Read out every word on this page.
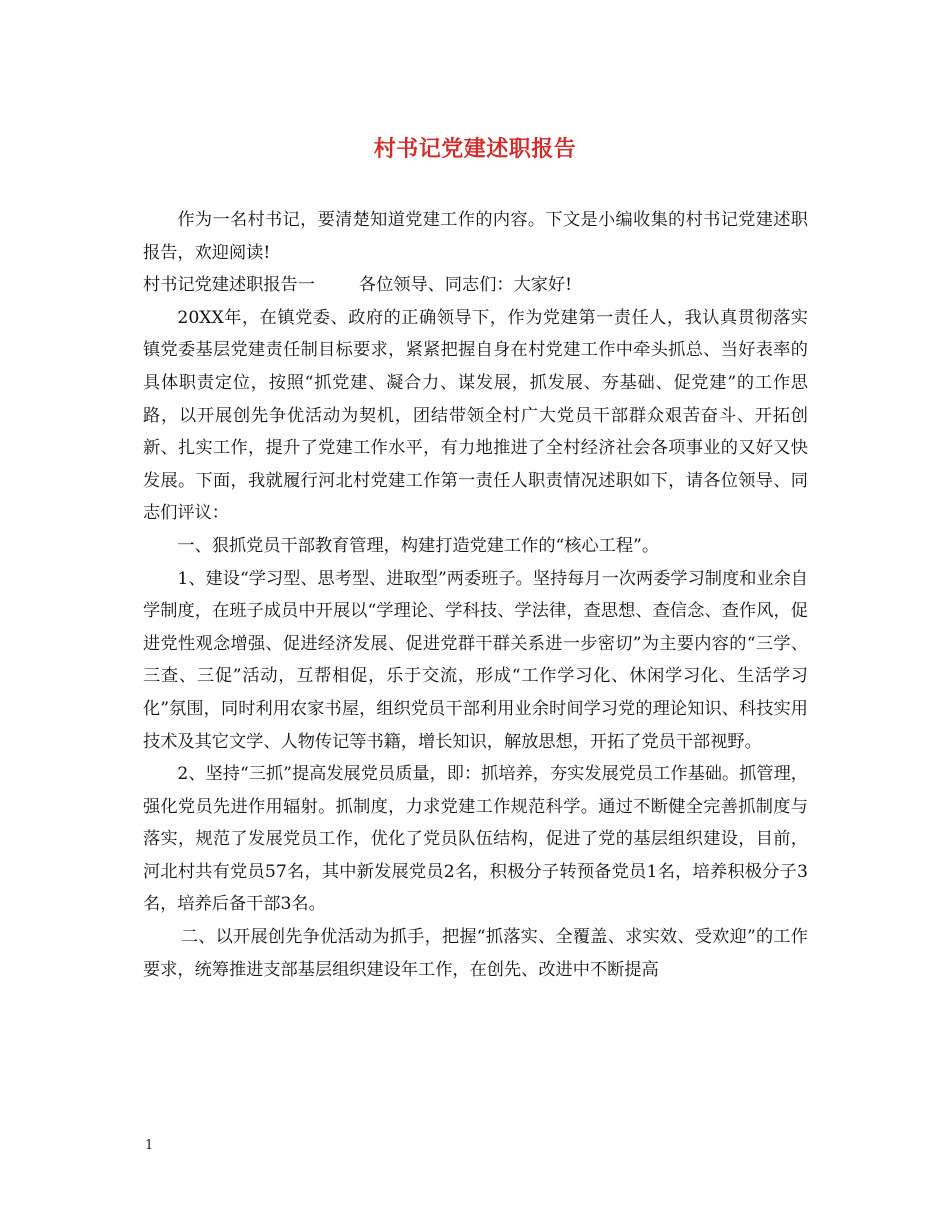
村书记党建述职报告

作为一名村书记，要清楚知道党建工作的内容。下文是小编收集的村书记党建述职报告，欢迎阅读!

村书记党建述职报告一	各位领导、同志们：大家好!

20XX年，在镇党委、政府的正确领导下，作为党建第一责任人，我认真贯彻落实镇党委基层党建责任制目标要求，紧紧把握自身在村党建工作中牵头抓总、当好表率的具体职责定位，按照“抓党建、凝合力、谋发展，抓发展、夯基础、促党建”的工作思路，以开展创先争优活动为契机，团结带领全村广大党员干部群众艰苦奋斗、开拓创新、扎实工作，提升了党建工作水平，有力地推进了全村经济社会各项事业的又好又快发展。下面，我就履行河北村党建工作第一责任人职责情况述职如下，请各位领导、同志们评议：

一、狠抓党员干部教育管理，构建打造党建工作的“核心工程”。

1、建设“学习型、思考型、进取型”两委班子。坚持每月一次两委学习制度和业余自学制度，在班子成员中开展以“学理论、学科技、学法律，查思想、查信念、查作风，促进党性观念增强、促进经济发展、促进党群干群关系进一步密切”为主要内容的“三学、三查、三促”活动，互帮相促，乐于交流，形成“工作学习化、休闲学习化、生活学习化”氛围，同时利用农家书屋，组织党员干部利用业余时间学习党的理论知识、科技实用技术及其它文学、人物传记等书籍，增长知识，解放思想，开拓了党员干部视野。

2、坚持“三抓”提高发展党员质量，即：抓培养，夯实发展党员工作基础。抓管理，强化党员先进作用辐射。抓制度，力求党建工作规范科学。通过不断健全完善抓制度与落实，规范了发展党员工作，优化了党员队伍结构，促进了党的基层组织建设，目前，河北村共有党员57名，其中新发展党员2名，积极分子转预备党员1名，培养积极分子3名，培养后备干部3名。

二、以开展创先争优活动为抓手，把握“抓落实、全覆盖、求实效、受欢迎”的工作要求，统筹推进支部基层组织建设年工作，在创先、改进中不断提高

1
